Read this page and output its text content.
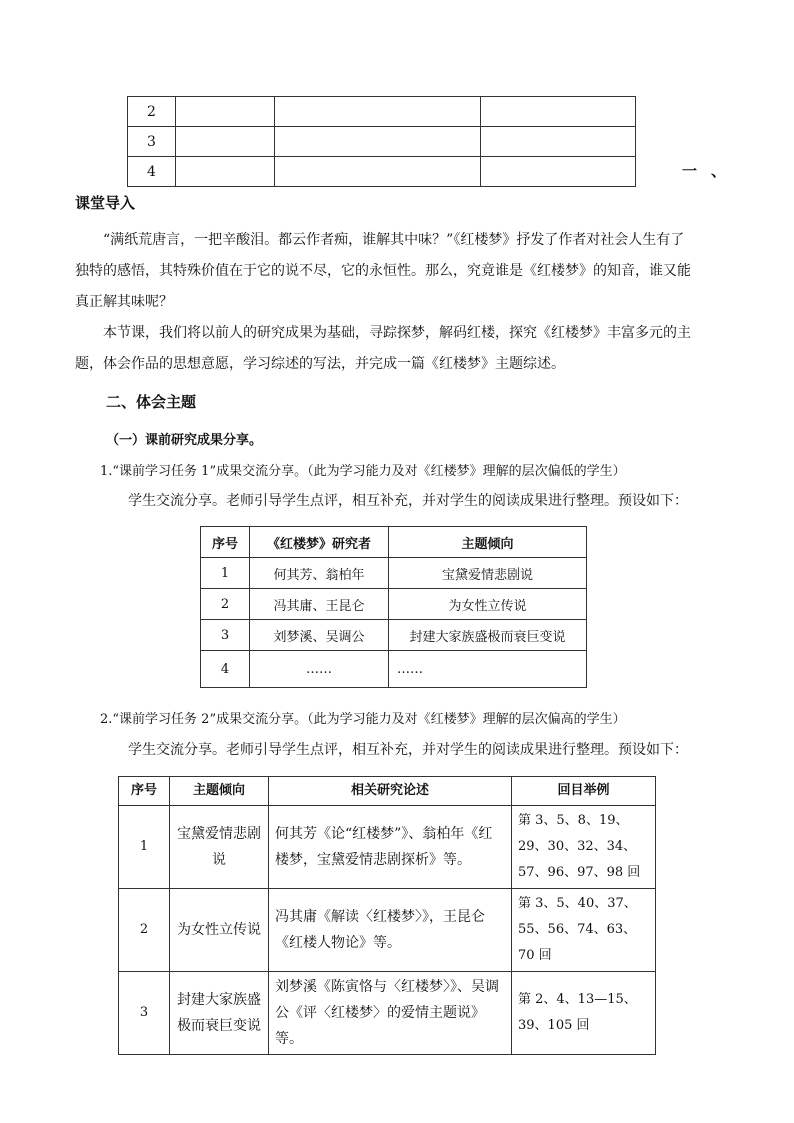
2			
3			
4				一、
课堂导入
“满纸荒唐言，一把辛酸泪。都云作者痴，谁解其中味？”《红楼梦》抒发了作者对社会人生有了独特的感悟，其特殊价值在于它的说不尽，它的永恒性。那么，究竟谁是《红楼梦》的知音，谁又能真正解其味呢？
本节课，我们将以前人的研究成果为基础，寻踪探梦，解码红楼，探究《红楼梦》丰富多元的主题，体会作品的思想意愿，学习综述的写法，并完成一篇《红楼梦》主题综述。
二、体会主题
（一）课前研究成果分享。
1.“课前学习任务 1”成果交流分享。（此为学习能力及对《红楼梦》理解的层次偏低的学生）
学生交流分享。老师引导学生点评，相互补充，并对学生的阅读成果进行整理。预设如下：
序号	《红楼梦》研究者	主题倾向
1	何其芳、翁柏年	宝黛爱情悲剧说
2	冯其庸、王昆仑	为女性立传说
3	刘梦溪、吴调公	封建大家族盛极而衰巨变说
4	……	……
2.“课前学习任务 2”成果交流分享。（此为学习能力及对《红楼梦》理解的层次偏高的学生）
学生交流分享。老师引导学生点评，相互补充，并对学生的阅读成果进行整理。预设如下：
序号	主题倾向	相关研究论述	回目举例
1	宝黛爱情悲剧说	何其芳《论“红楼梦”》、翁柏年《红楼梦，宝黛爱情悲剧探析》等。	第 3、5、8、19、29、30、32、34、57、96、97、98 回
2	为女性立传说	冯其庸《解读〈红楼梦〉》，王昆仑《红楼人物论》等。	第 3、5、40、37、55、56、74、63、70 回
3	封建大家族盛极而衰巨变说	刘梦溪《陈寅恪与〈红楼梦〉》、吴调公《评〈红楼梦〉的爱情主题说》等。	第 2、4、13—15、39、105 回
